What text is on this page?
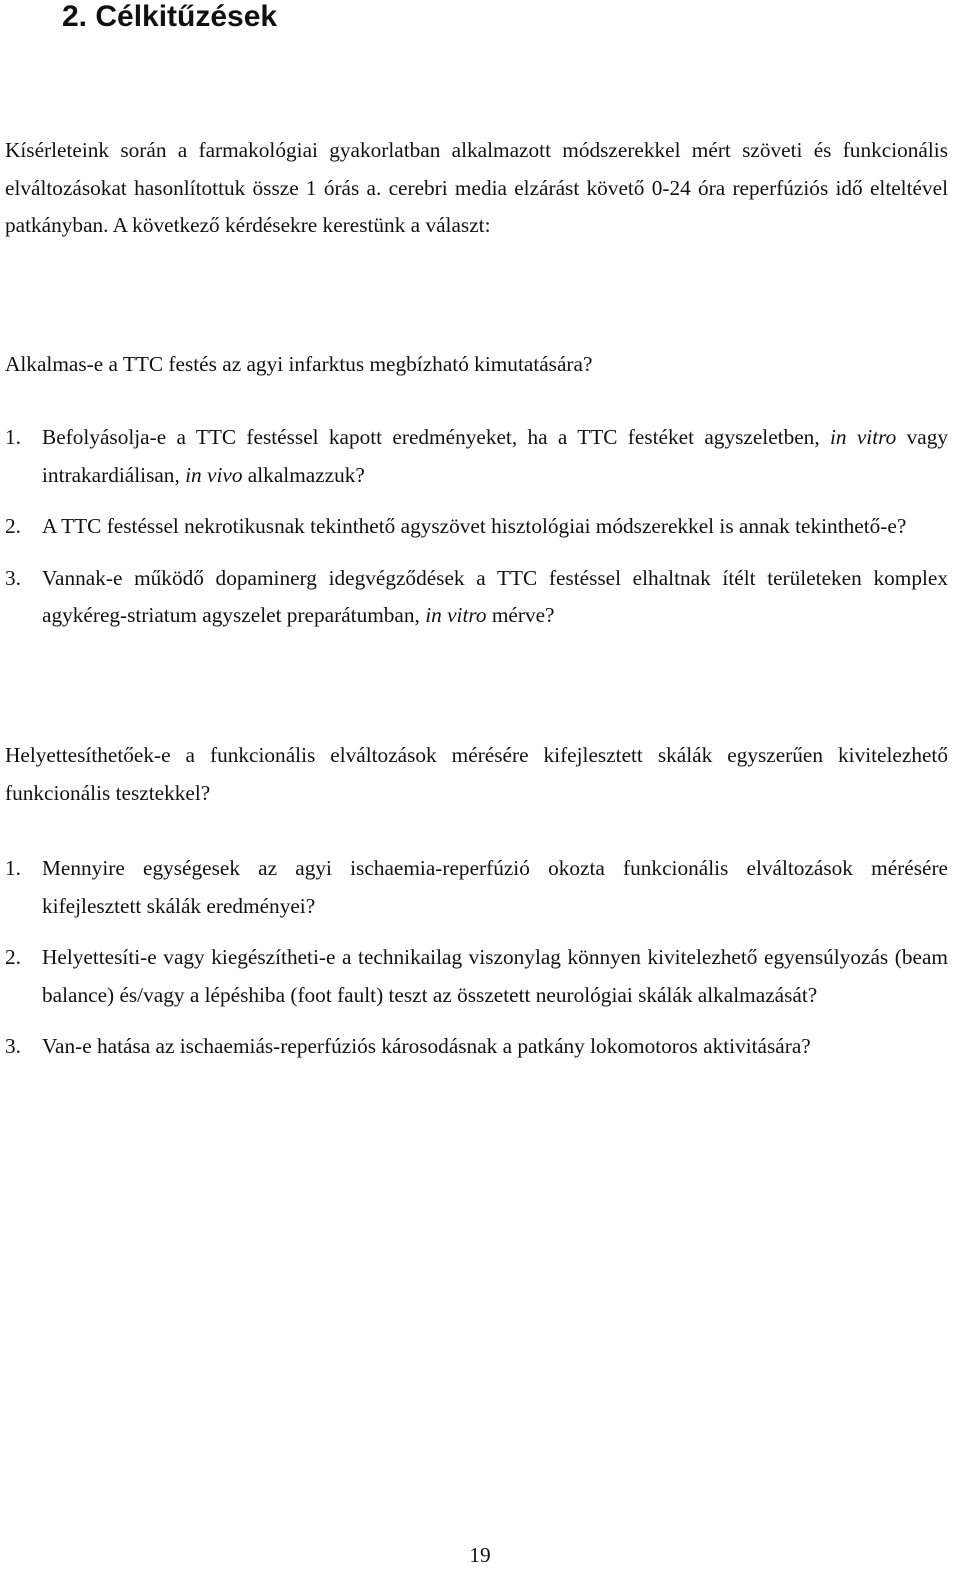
2. Célkitűzések

Kísérleteink során a farmakológiai gyakorlatban alkalmazott módszerekkel mért szöveti és funkcionális elváltozásokat hasonlítottuk össze 1 órás a. cerebri media elzárást követő 0-24 óra reperfúziós idő elteltével patkányban. A következő kérdésekre kerestünk a választ:

Alkalmas-e a TTC festés az agyi infarktus megbízható kimutatására?

1. Befolyásolja-e a TTC festéssel kapott eredményeket, ha a TTC festéket agyszeletben, in vitro vagy intrakardiálisan, in vivo alkalmazzuk?
2. A TTC festéssel nekrotikusnak tekinthető agyszövet hisztológiai módszerekkel is annak tekinthető-e?
3. Vannak-e működő dopaminerg idegvégződések a TTC festéssel elhaltnak ítélt területeken komplex agykéreg-striatum agyszelet preparátumban, in vitro mérve?

Helyettesíthetőek-e a funkcionális elváltozások mérésére kifejlesztett skálák egyszerűen kivitelezhető funkcionális tesztekkel?

1. Mennyire egységesek az agyi ischaemia-reperfúzió okozta funkcionális elváltozások mérésére kifejlesztett skálák eredményei?
2. Helyettesíti-e vagy kiegészítheti-e a technikailag viszonylag könnyen kivitelezhető egyensúlyozás (beam balance) és/vagy a lépéshiba (foot fault) teszt az összetett neurológiai skálák alkalmazását?
3. Van-e hatása az ischaemiás-reperfúziós károsodásnak a patkány lokomotoros aktivitására?
19
